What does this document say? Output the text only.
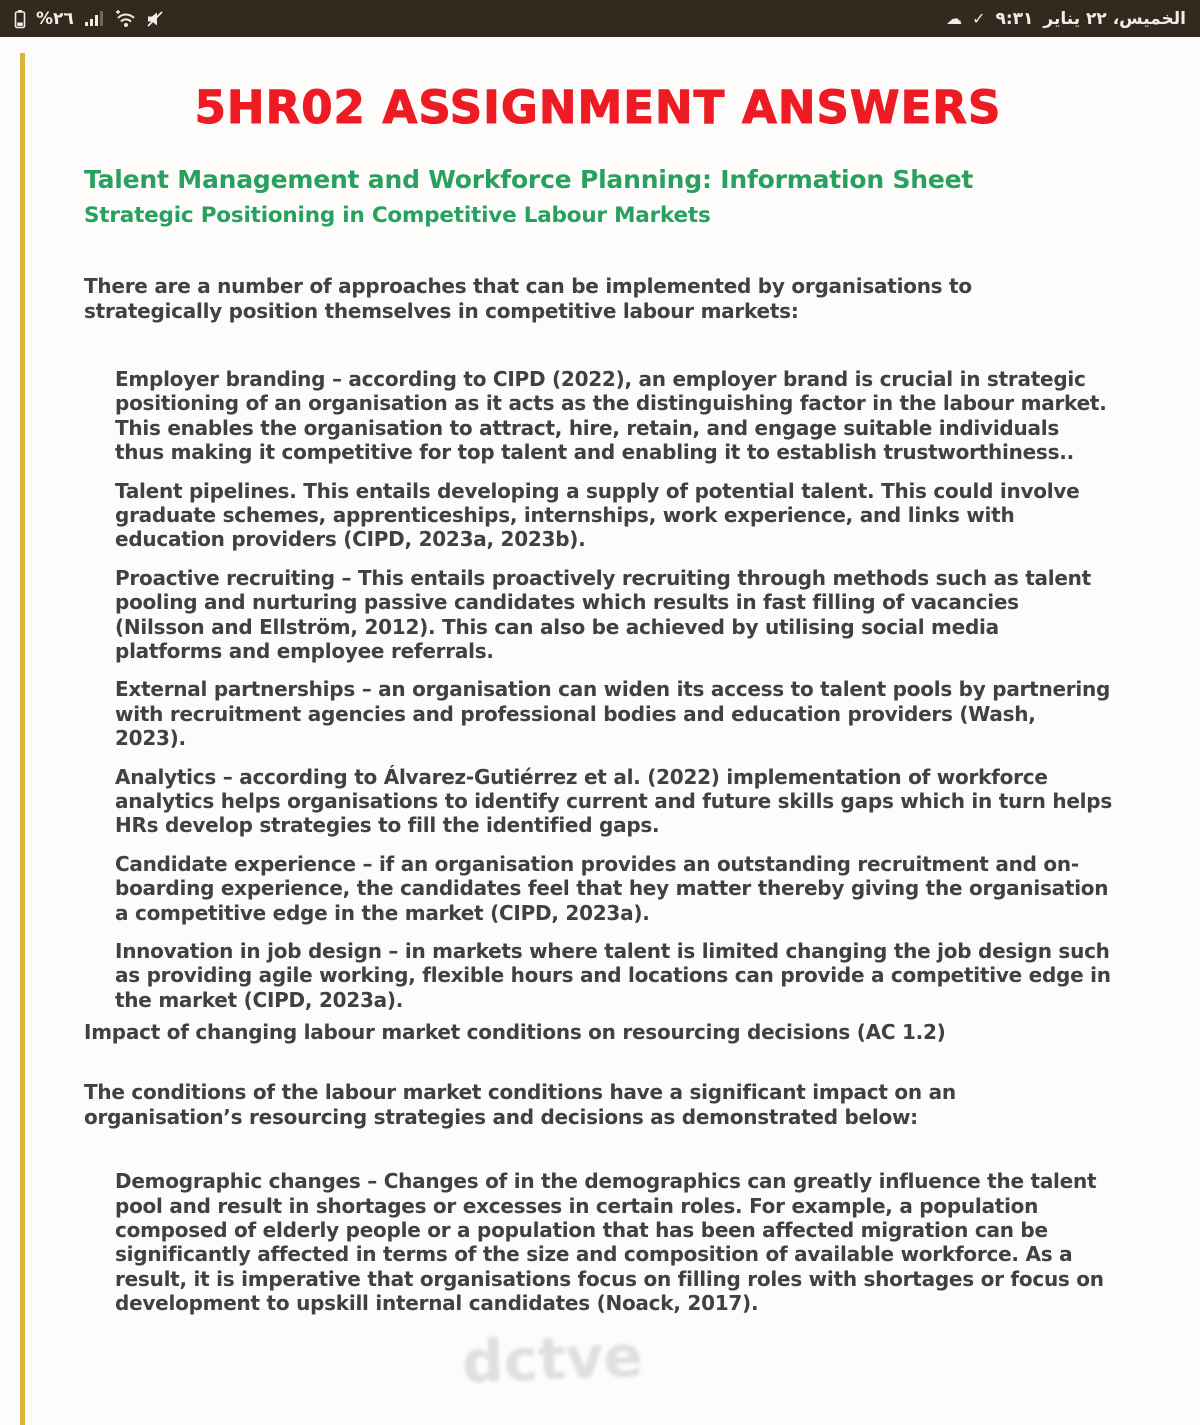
%٢٦	☁ ✓ ٩:٣١ الخميس، ٢٢ يناير
5HR02 ASSIGNMENT ANSWERS
Talent Management and Workforce Planning: Information Sheet
Strategic Positioning in Competitive Labour Markets

There are a number of approaches that can be implemented by organisations to strategically position themselves in competitive labour markets:

Employer branding – according to CIPD (2022), an employer brand is crucial in strategic positioning of an organisation as it acts as the distinguishing factor in the labour market. This enables the organisation to attract, hire, retain, and engage suitable individuals thus making it competitive for top talent and enabling it to establish trustworthiness..

Talent pipelines. This entails developing a supply of potential talent. This could involve graduate schemes, apprenticeships, internships, work experience, and links with education providers (CIPD, 2023a, 2023b).

Proactive recruiting – This entails proactively recruiting through methods such as talent pooling and nurturing passive candidates which results in fast filling of vacancies (Nilsson and Ellström, 2012). This can also be achieved by utilising social media platforms and employee referrals.

External partnerships – an organisation can widen its access to talent pools by partnering with recruitment agencies and professional bodies and education providers (Wash, 2023).

Analytics – according to Álvarez-Gutiérrez et al. (2022) implementation of workforce analytics helps organisations to identify current and future skills gaps which in turn helps HRs develop strategies to fill the identified gaps.

Candidate experience – if an organisation provides an outstanding recruitment and on-boarding experience, the candidates feel that hey matter thereby giving the organisation a competitive edge in the market (CIPD, 2023a).

Innovation in job design – in markets where talent is limited changing the job design such as providing agile working, flexible hours and locations can provide a competitive edge in the market (CIPD, 2023a).

Impact of changing labour market conditions on resourcing decisions (AC 1.2)

The conditions of the labour market conditions have a significant impact on an organisation’s resourcing strategies and decisions as demonstrated below:

Demographic changes – Changes of in the demographics can greatly influence the talent pool and result in shortages or excesses in certain roles. For example, a population composed of elderly people or a population that has been affected migration can be significantly affected in terms of the size and composition of available workforce. As a result, it is imperative that organisations focus on filling roles with shortages or focus on development to upskill internal candidates (Noack, 2017).

dctve
